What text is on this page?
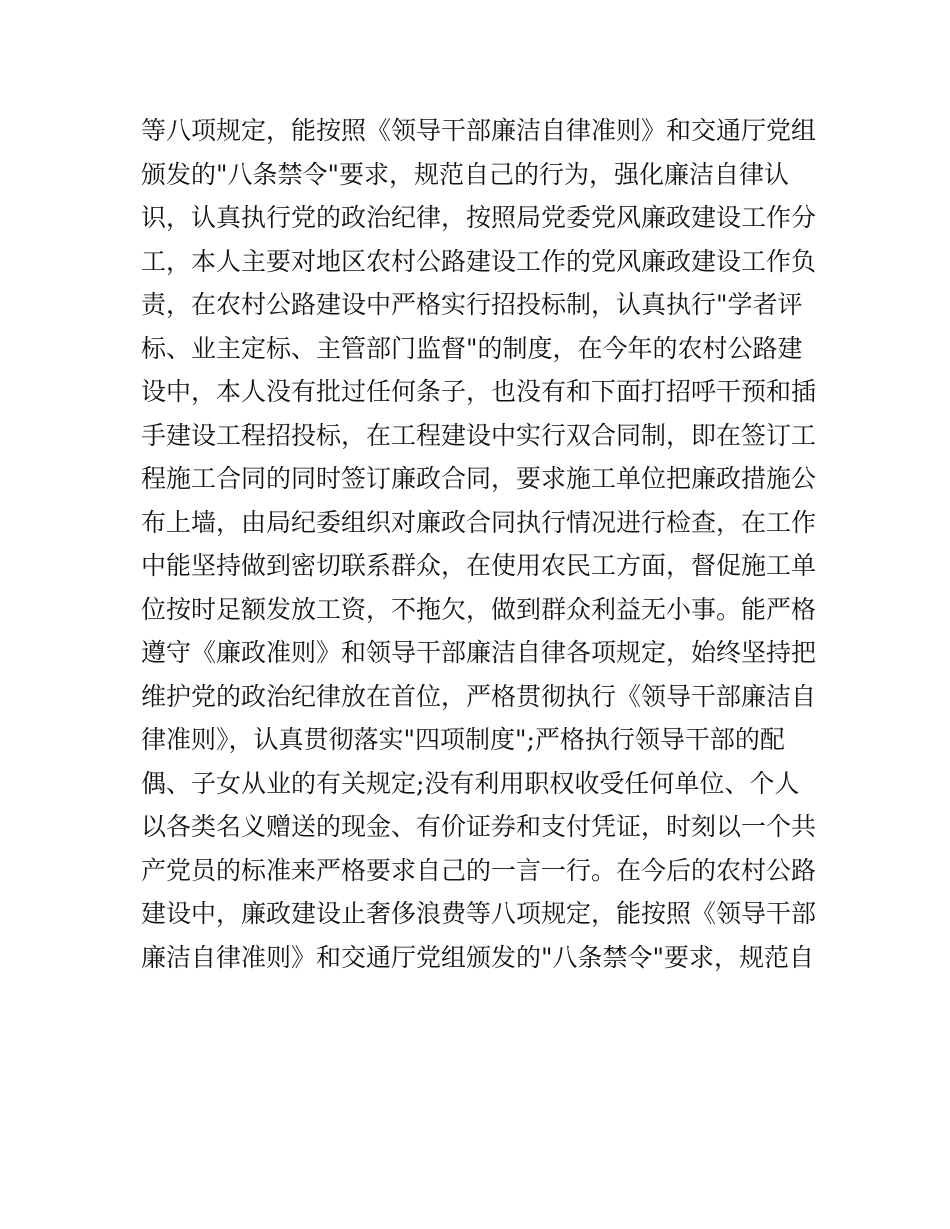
等八项规定，能按照《领导干部廉洁自律准则》和交通厅党组
颁发的"八条禁令"要求，规范自己的行为，强化廉洁自律认
识，认真执行党的政治纪律，按照局党委党风廉政建设工作分
工，本人主要对地区农村公路建设工作的党风廉政建设工作负
责，在农村公路建设中严格实行招投标制，认真执行"学者评
标、业主定标、主管部门监督"的制度，在今年的农村公路建
设中，本人没有批过任何条子，也没有和下面打招呼干预和插
手建设工程招投标，在工程建设中实行双合同制，即在签订工
程施工合同的同时签订廉政合同，要求施工单位把廉政措施公
布上墙，由局纪委组织对廉政合同执行情况进行检查，在工作
中能坚持做到密切联系群众，在使用农民工方面，督促施工单
位按时足额发放工资，不拖欠，做到群众利益无小事。能严格
遵守《廉政准则》和领导干部廉洁自律各项规定，始终坚持把
维护党的政治纪律放在首位，严格贯彻执行《领导干部廉洁自
律准则》，认真贯彻落实"四项制度";严格执行领导干部的配
偶、子女从业的有关规定;没有利用职权收受任何单位、个人
以各类名义赠送的现金、有价证券和支付凭证，时刻以一个共
产党员的标准来严格要求自己的一言一行。在今后的农村公路
建设中，廉政建设止奢侈浪费等八项规定，能按照《领导干部
廉洁自律准则》和交通厅党组颁发的"八条禁令"要求，规范自
